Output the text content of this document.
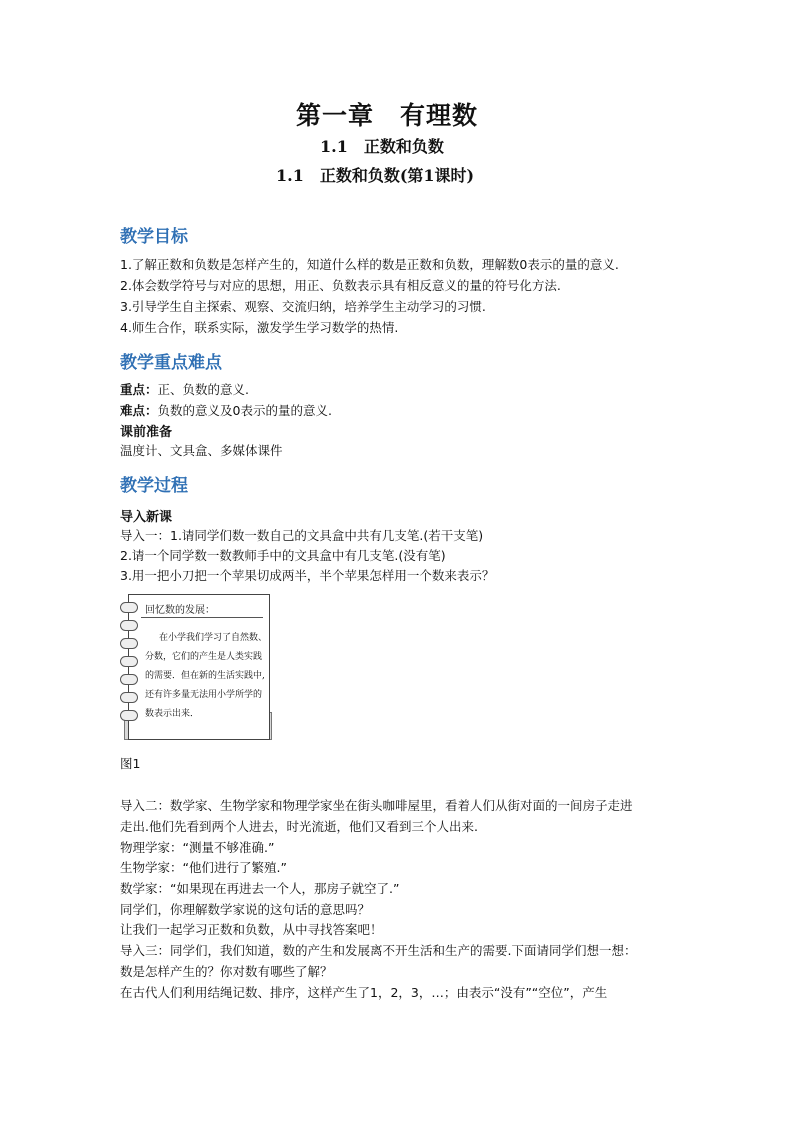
第一章　有理数
1.1　正数和负数
1.1　正数和负数(第1课时)
教学目标
1.了解正数和负数是怎样产生的，知道什么样的数是正数和负数，理解数0表示的量的意义.
2.体会数学符号与对应的思想，用正、负数表示具有相反意义的量的符号化方法.
3.引导学生自主探索、观察、交流归纳，培养学生主动学习的习惯.
4.师生合作，联系实际，激发学生学习数学的热情.
教学重点难点
重点：正、负数的意义.
难点：负数的意义及0表示的量的意义.
课前准备
温度计、文具盒、多媒体课件
教学过程
导入新课
导入一：1.请同学们数一数自己的文具盒中共有几支笔.(若干支笔)
2.请一个同学数一数教师手中的文具盒中有几支笔.(没有笔)
3.用一把小刀把一个苹果切成两半，半个苹果怎样用一个数来表示？
回忆数的发展：
在小学我们学习了自然数、
分数，它们的产生是人类实践
的需要．但在新的生活实践中,
还有许多量无法用小学所学的
数表示出来．
图1
导入二：数学家、生物学家和物理学家坐在街头咖啡屋里，看着人们从街对面的一间房子走进
走出.他们先看到两个人进去，时光流逝，他们又看到三个人出来.
物理学家：“测量不够准确.”
生物学家：“他们进行了繁殖.”
数学家：“如果现在再进去一个人，那房子就空了.”
同学们，你理解数学家说的这句话的意思吗？
让我们一起学习正数和负数，从中寻找答案吧！
导入三：同学们，我们知道，数的产生和发展离不开生活和生产的需要.下面请同学们想一想：
数是怎样产生的？你对数有哪些了解？
在古代人们利用结绳记数、排序，这样产生了1，2，3，…；由表示“没有”“空位”，产生
